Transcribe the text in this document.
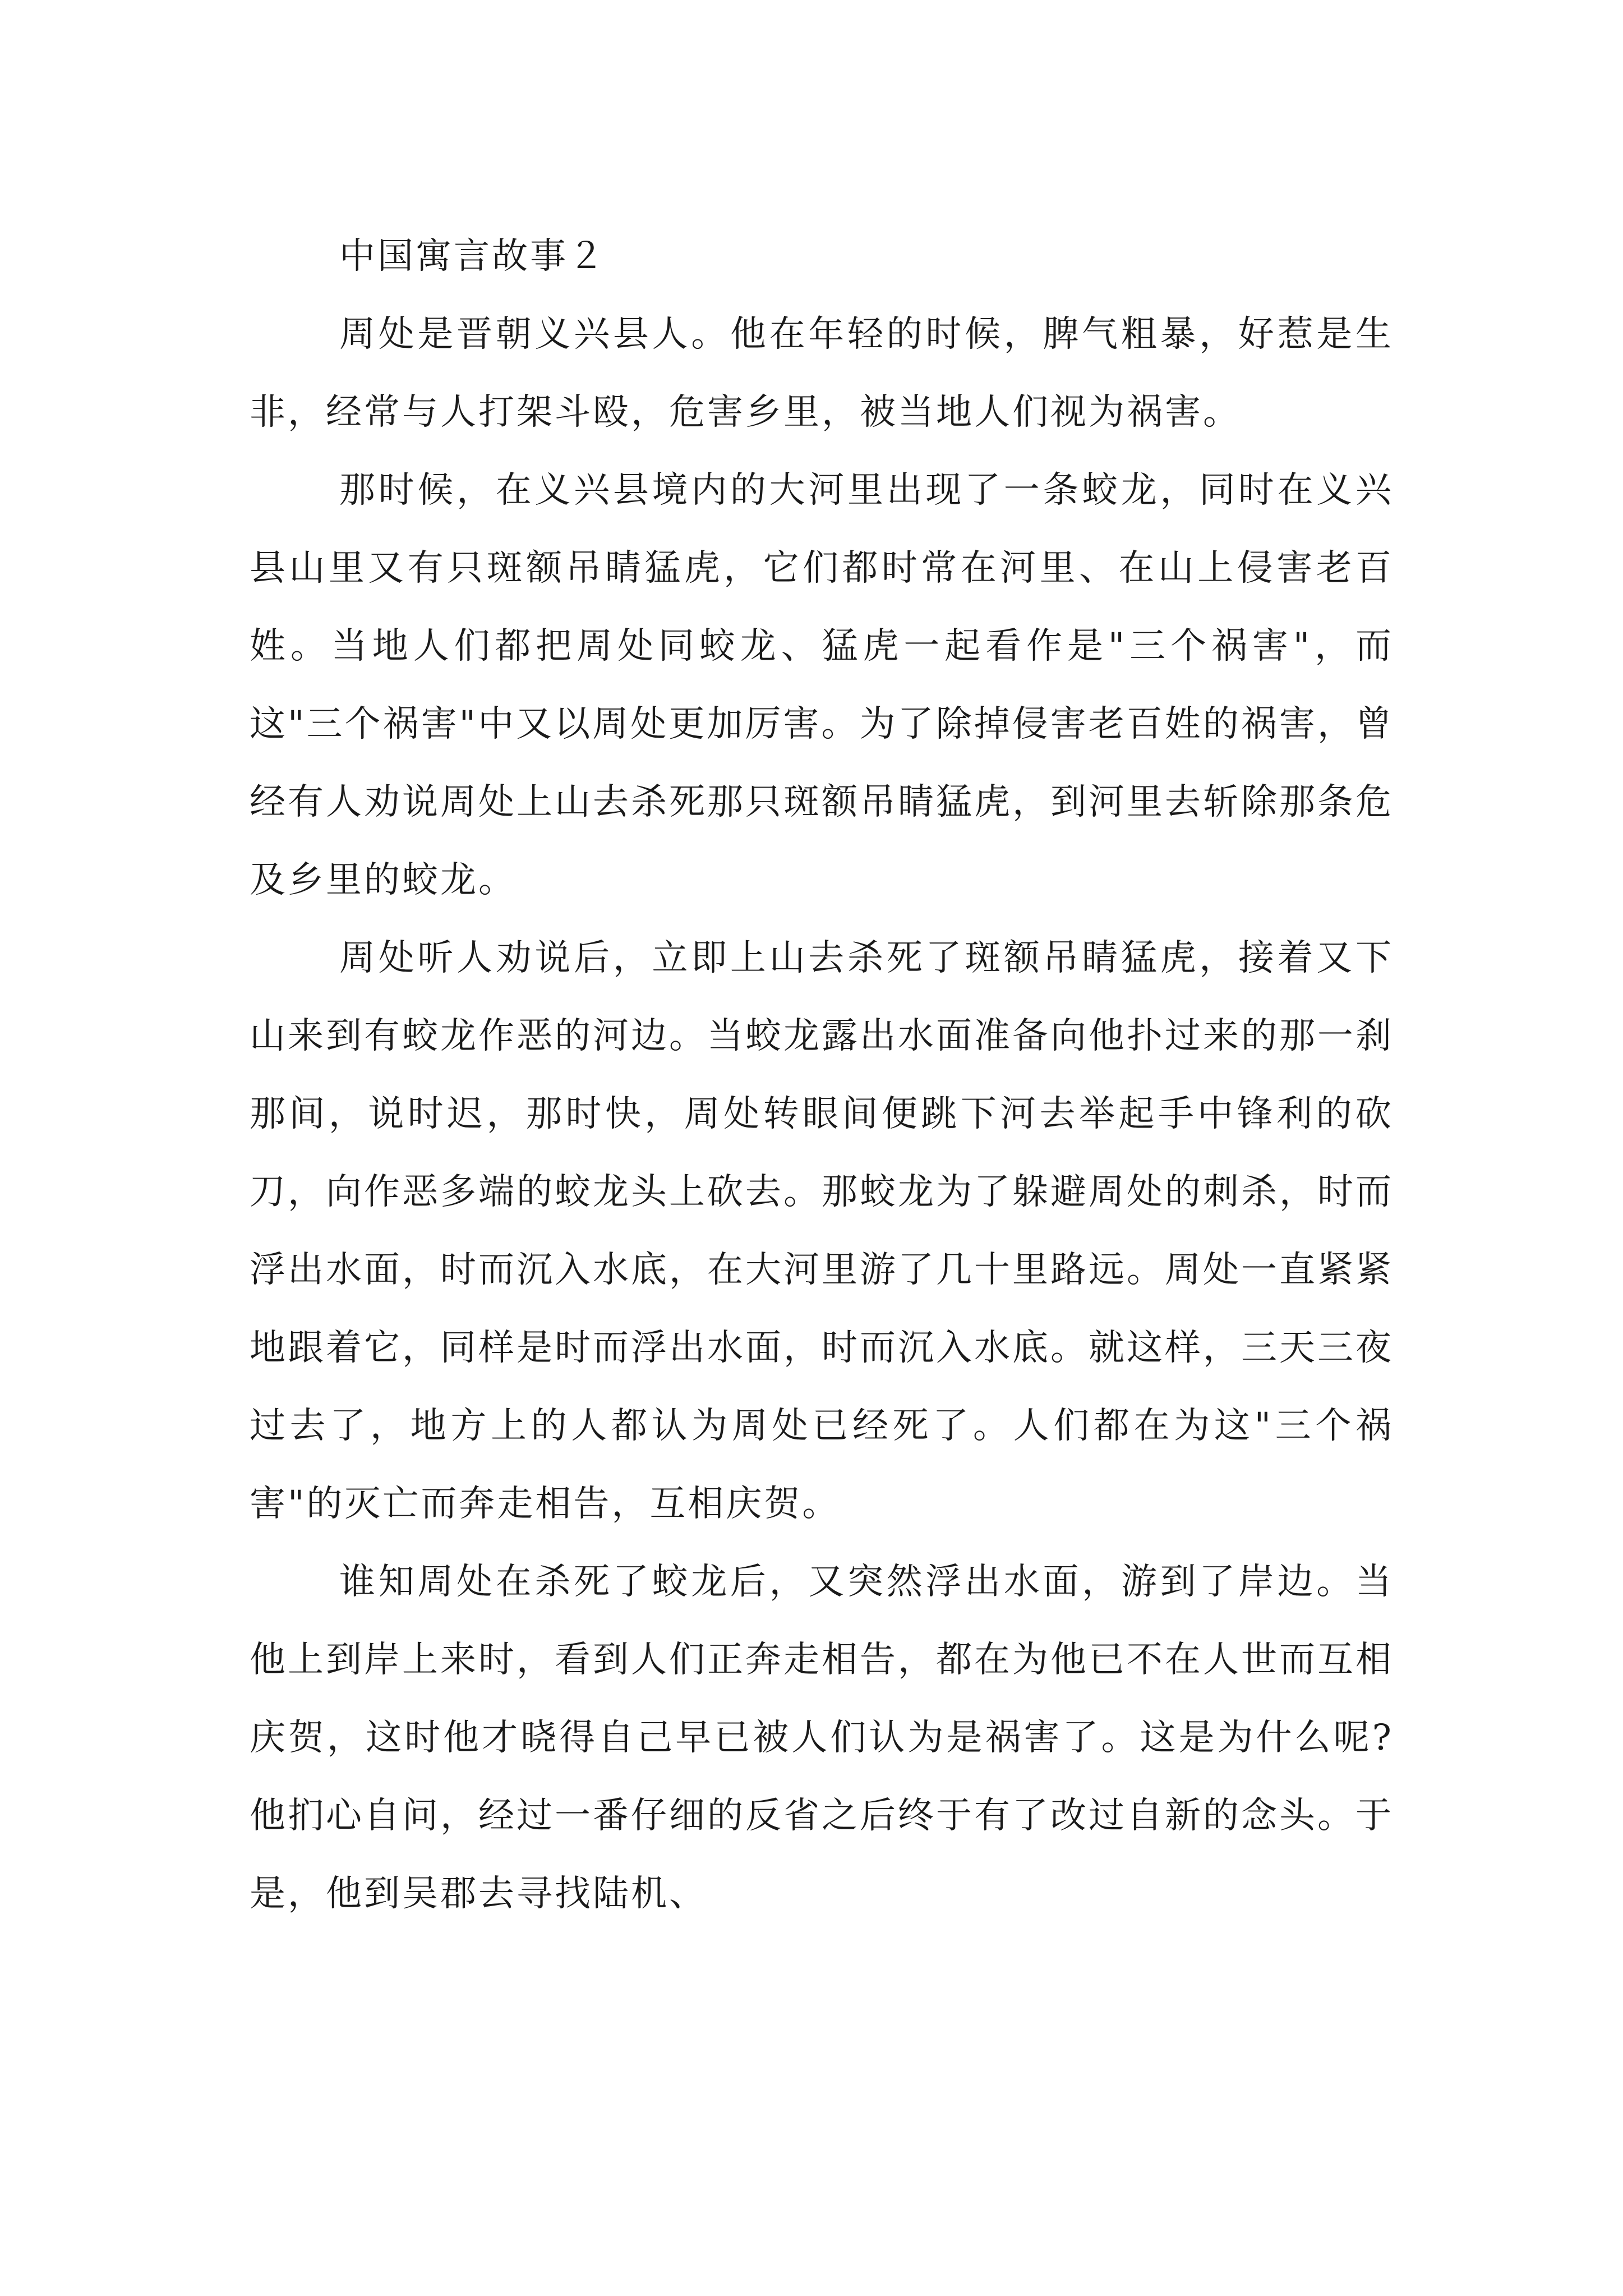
中国寓言故事２

周处是晋朝义兴县人。他在年轻的时候，脾气粗暴，好惹是生非，经常与人打架斗殴，危害乡里，被当地人们视为祸害。

那时候，在义兴县境内的大河里出现了一条蛟龙，同时在义兴县山里又有只斑额吊睛猛虎，它们都时常在河里、在山上侵害老百姓。当地人们都把周处同蛟龙、猛虎一起看作是"三个祸害"，而这"三个祸害"中又以周处更加厉害。为了除掉侵害老百姓的祸害，曾经有人劝说周处上山去杀死那只斑额吊睛猛虎，到河里去斩除那条危及乡里的蛟龙。

周处听人劝说后，立即上山去杀死了斑额吊睛猛虎，接着又下山来到有蛟龙作恶的河边。当蛟龙露出水面准备向他扑过来的那一刹那间，说时迟，那时快，周处转眼间便跳下河去举起手中锋利的砍刀，向作恶多端的蛟龙头上砍去。那蛟龙为了躲避周处的刺杀，时而浮出水面，时而沉入水底，在大河里游了几十里路远。周处一直紧紧地跟着它，同样是时而浮出水面，时而沉入水底。就这样，三天三夜过去了，地方上的人都认为周处已经死了。人们都在为这"三个祸害"的灭亡而奔走相告，互相庆贺。

谁知周处在杀死了蛟龙后，又突然浮出水面，游到了岸边。当他上到岸上来时，看到人们正奔走相告，都在为他已不在人世而互相庆贺，这时他才晓得自己早已被人们认为是祸害了。这是为什么呢?他扪心自问，经过一番仔细的反省之后终于有了改过自新的念头。于是，他到吴郡去寻找陆机、
